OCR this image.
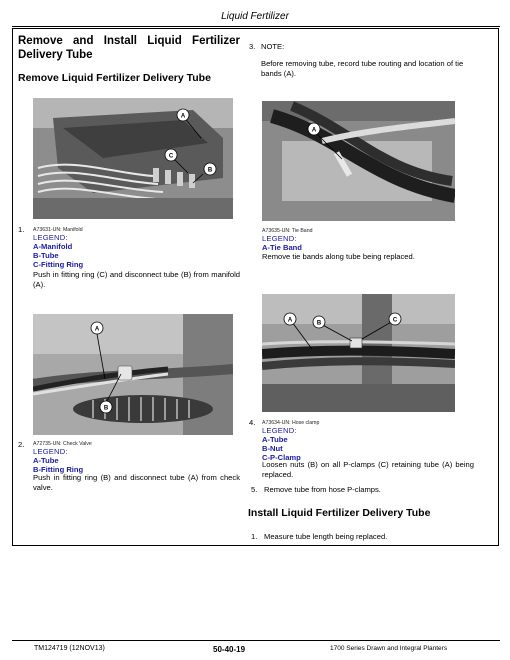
Liquid Fertilizer
Remove and Install Liquid Fertilizer Delivery Tube
Remove Liquid Fertilizer Delivery Tube
A
C
B
1. A73631-UN: Manifold
LEGEND:
A-Manifold
B-Tube
C-Fitting Ring
Push in fitting ring (C) and disconnect tube (B) from manifold (A).
A
B
2. A72735-UN: Check Valve
LEGEND:
A-Tube
B-Fitting Ring
Push in fitting ring (B) and disconnect tube (A) from check valve.
3. NOTE:
Before removing tube, record tube routing and location of tie bands (A).
A
A73635-UN: Tie Band
LEGEND:
A-Tie Band
Remove tie bands along tube being replaced.
A	B	C
4. A73634-UN: Hose clamp
LEGEND:
A-Tube
B-Nut
C-P-Clamp
Loosen nuts (B) on all P-clamps (C) retaining tube (A) being replaced.
5. Remove tube from hose P-clamps.
Install Liquid Fertilizer Delivery Tube
1. Measure tube length being replaced.
TM124719 (12NOV13)	50-40-19	1700 Series Drawn and Integral Planters
